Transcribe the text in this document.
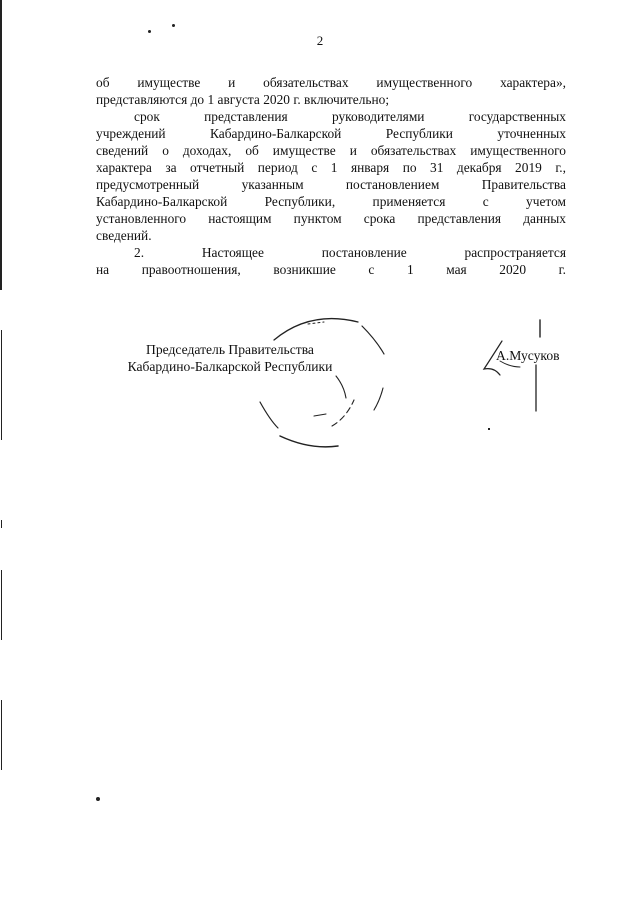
2
об имуществе и обязательствах имущественного характера»,
представляются до 1 августа 2020 г. включительно;
срок представления руководителями государственных
учреждений Кабардино-Балкарской Республики уточненных
сведений о доходах, об имуществе и обязательствах имущественного
характера за отчетный период с 1 января по 31 декабря 2019 г.,
предусмотренный указанным постановлением Правительства
Кабардино-Балкарской Республики, применяется с учетом
установленного настоящим пунктом срока представления данных
сведений.
2. Настоящее постановление распространяется
на правоотношения, возникшие с 1 мая 2020 г.
Председатель Правительства
Кабардино-Балкарской Республики
А.Мусуков
